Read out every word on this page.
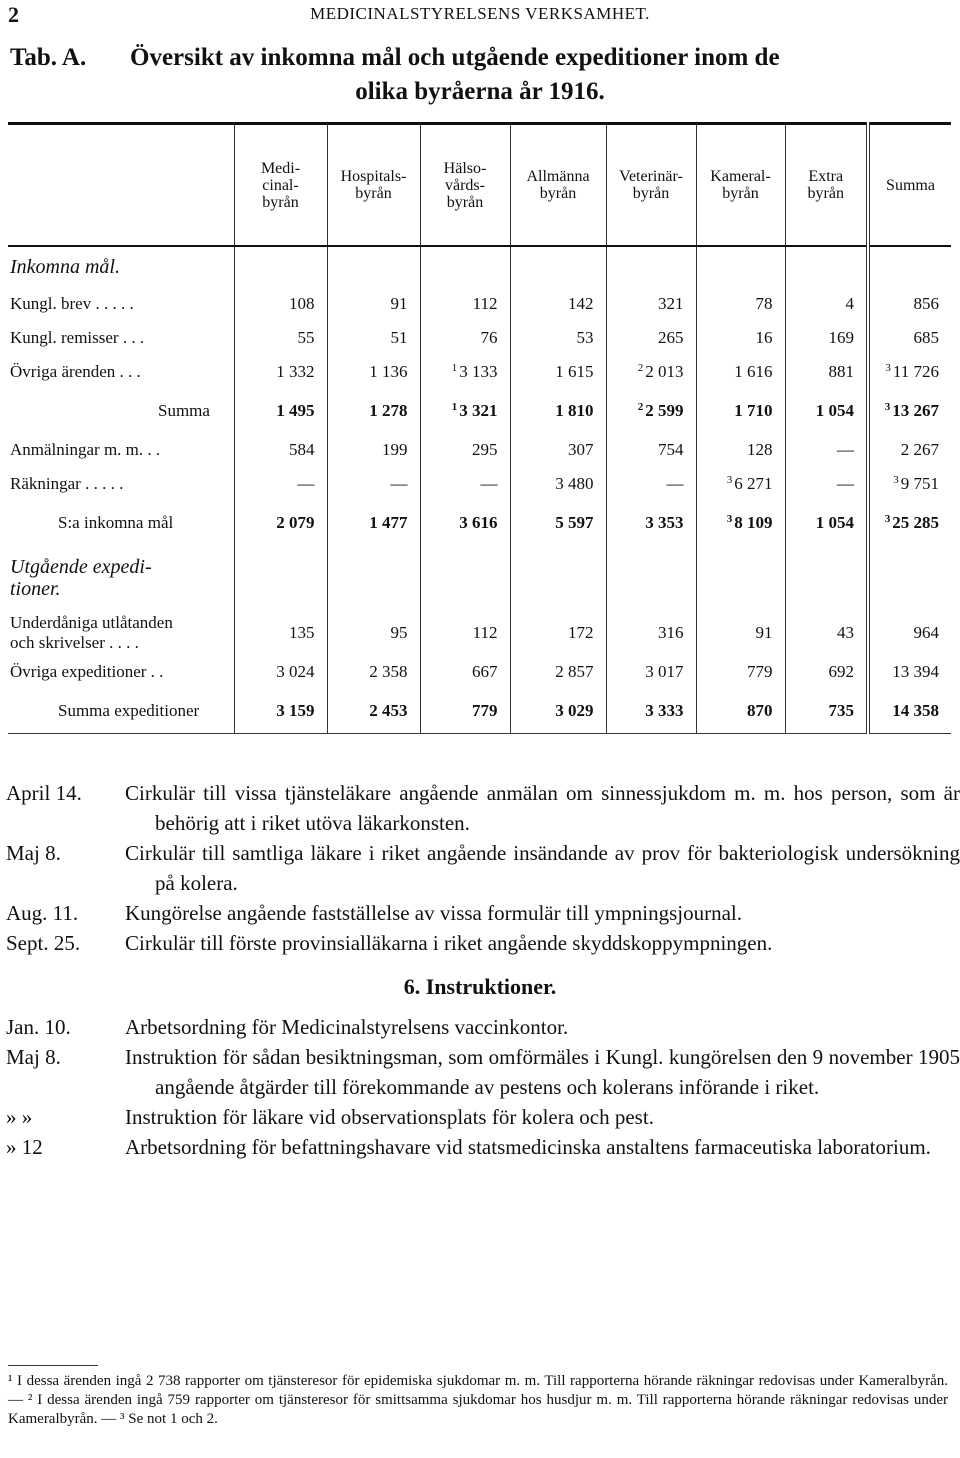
2	MEDICINALSTYRELSENS VERKSAMHET.
Tab. A. Översikt av inkomna mål och utgående expeditioner inom de
olika byråerna år 1916.
	Medi-
cinal-
byrån	Hospitals-
byrån	Hälso-
vårds-
byrån	Allmänna
byrån	Veterinär-
byrån	Kameral-
byrån	Extra
byrån	Summa
Inkomna mål.								
Kungl. brev . . . . .	108	91	112	142	321	78	4	856
Kungl. remisser . . .	55	51	76	53	265	16	169	685
Övriga ärenden . . .	1 332	1 136	$^1$ 3 133	1 615	$^2$ 2 013	1 616	881	$^3$ 11 726
Summa	1 495	1 278	$^1$ 3 321	1 810	$^2$ 2 599	1 710	1 054	$^3$ 13 267
Anmälningar m. m. . .	584	199	295	307	754	128	—	2 267
Räkningar . . . . .	—	—	—	3 480	—	$^3$ 6 271	—	$^3$ 9 751
S:a inkomna mål	2 079	1 477	3 616	5 597	3 353	$^3$ 8 109	1 054	$^3$ 25 285
Utgående expedi-
tioner.								
Underdåniga utlåtanden
och skrivelser . . . .	135	95	112	172	316	91	43	964
Övriga expeditioner . .	3 024	2 358	667	2 857	3 017	779	692	13 394
Summa expeditioner	3 159	2 453	779	3 029	3 333	870	735	14 358
April 14.	Cirkulär till vissa tjänsteläkare angående anmälan om sinnessjukdom m. m. hos person, som är behörig att i riket utöva läkarkonsten.
Maj 8.	Cirkulär till samtliga läkare i riket angående insändande av prov för bakteriologisk undersökning på kolera.
Aug. 11.	Kungörelse angående fastställelse av vissa formulär till ympningsjournal.
Sept. 25.	Cirkulär till förste provinsialläkarna i riket angående skyddskoppympningen.
6. Instruktioner.
Jan. 10.	Arbetsordning för Medicinalstyrelsens vaccinkontor.
Maj 8.	Instruktion för sådan besiktningsman, som omförmäles i Kungl. kungörelsen den 9 november 1905 angående åtgärder till förekommande av pestens och kolerans införande i riket.
» »	Instruktion för läkare vid observationsplats för kolera och pest.
» 12	Arbetsordning för befattningshavare vid statsmedicinska anstaltens farmaceutiska laboratorium.
¹ I dessa ärenden ingå 2 738 rapporter om tjänsteresor för epidemiska sjukdomar m. m. Till rapporterna hörande räkningar redovisas under Kameralbyrån. — ² I dessa ärenden ingå 759 rapporter om tjänsteresor för smittsamma sjukdomar hos husdjur m. m. Till rapporterna hörande räkningar redovisas under Kameralbyrån. — ³ Se not 1 och 2.
